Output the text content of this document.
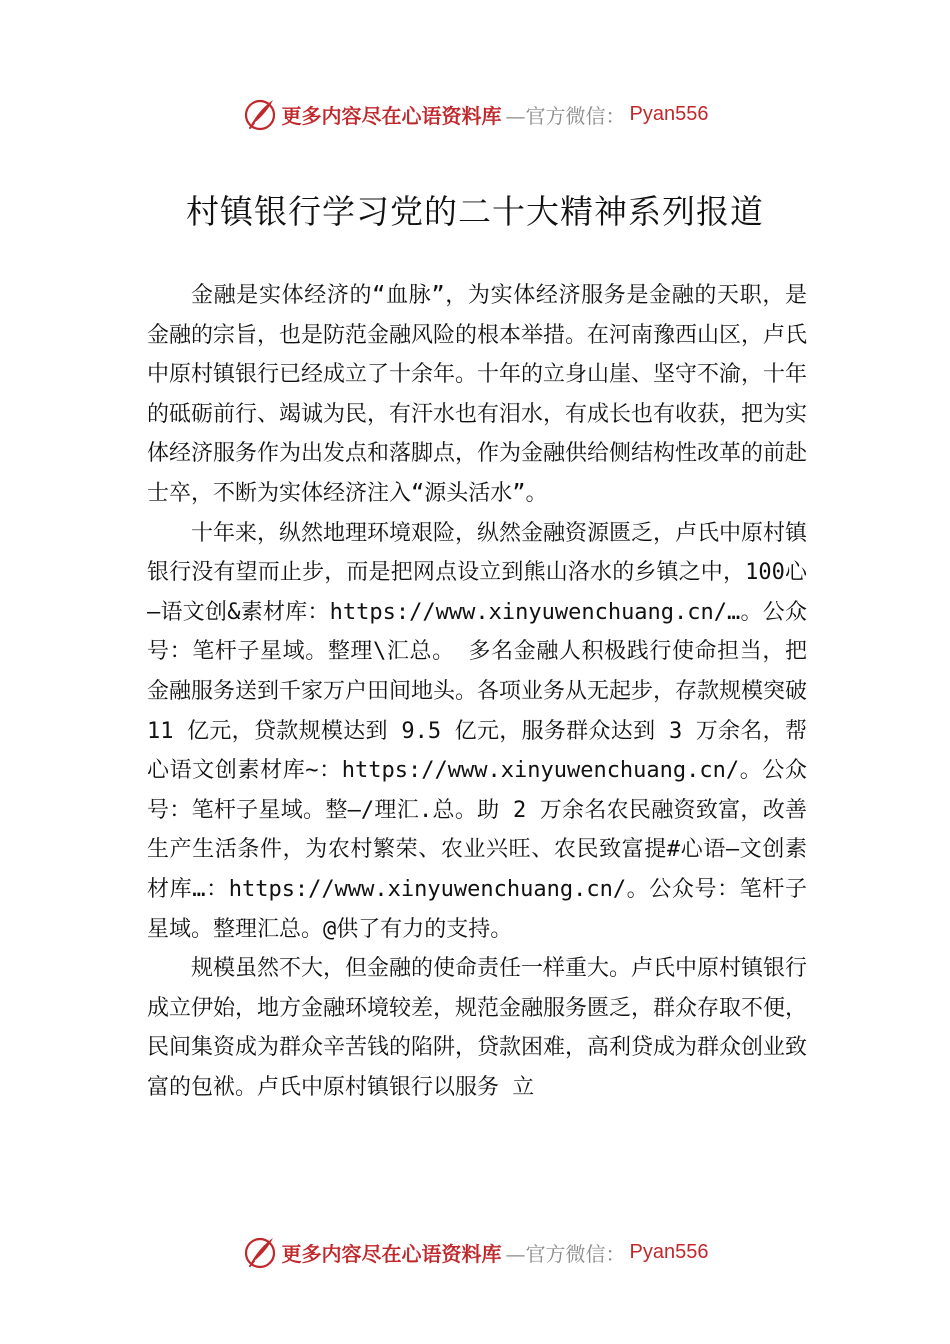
更多内容尽在心语资料库 —官方微信： Pyan556
村镇银行学习党的二十大精神系列报道

金融是实体经济的“血脉”，为实体经济服务是金融的天职，是金融的宗旨，也是防范金融风险的根本举措。在河南豫西山区，卢氏中原村镇银行已经成立了十余年。十年的立身山崖、坚守不渝，十年的砥砺前行、竭诚为民，有汗水也有泪水，有成长也有收获，把为实体经济服务作为出发点和落脚点，作为金融供给侧结构性改革的前赴士卒，不断为实体经济注入“源头活水”。

十年来，纵然地理环境艰险，纵然金融资源匮乏，卢氏中原村镇银行没有望而止步，而是把网点设立到熊山洛水的乡镇之中，100心—语文创&素材库：https://www.xinyuwenchuang.cn/…。公众号：笔杆子星域。整理\汇总。 多名金融人积极践行使命担当，把金融服务送到千家万户田间地头。各项业务从无起步，存款规模突破 11 亿元，贷款规模达到 9.5 亿元，服务群众达到 3 万余名，帮心语文创素材库~：https://www.xinyuwenchuang.cn/。公众号：笔杆子星域。整—/理汇.总。助 2 万余名农民融资致富，改善生产生活条件，为农村繁荣、农业兴旺、农民致富提#心语—文创素材库…：https://www.xinyuwenchuang.cn/。公众号：笔杆子星域。整理汇总。@供了有力的支持。

规模虽然不大，但金融的使命责任一样重大。卢氏中原村镇银行成立伊始，地方金融环境较差，规范金融服务匮乏，群众存取不便，民间集资成为群众辛苦钱的陷阱，贷款困难，高利贷成为群众创业致富的包袱。卢氏中原村镇银行以服务 立

更多内容尽在心语资料库 —官方微信： Pyan556
